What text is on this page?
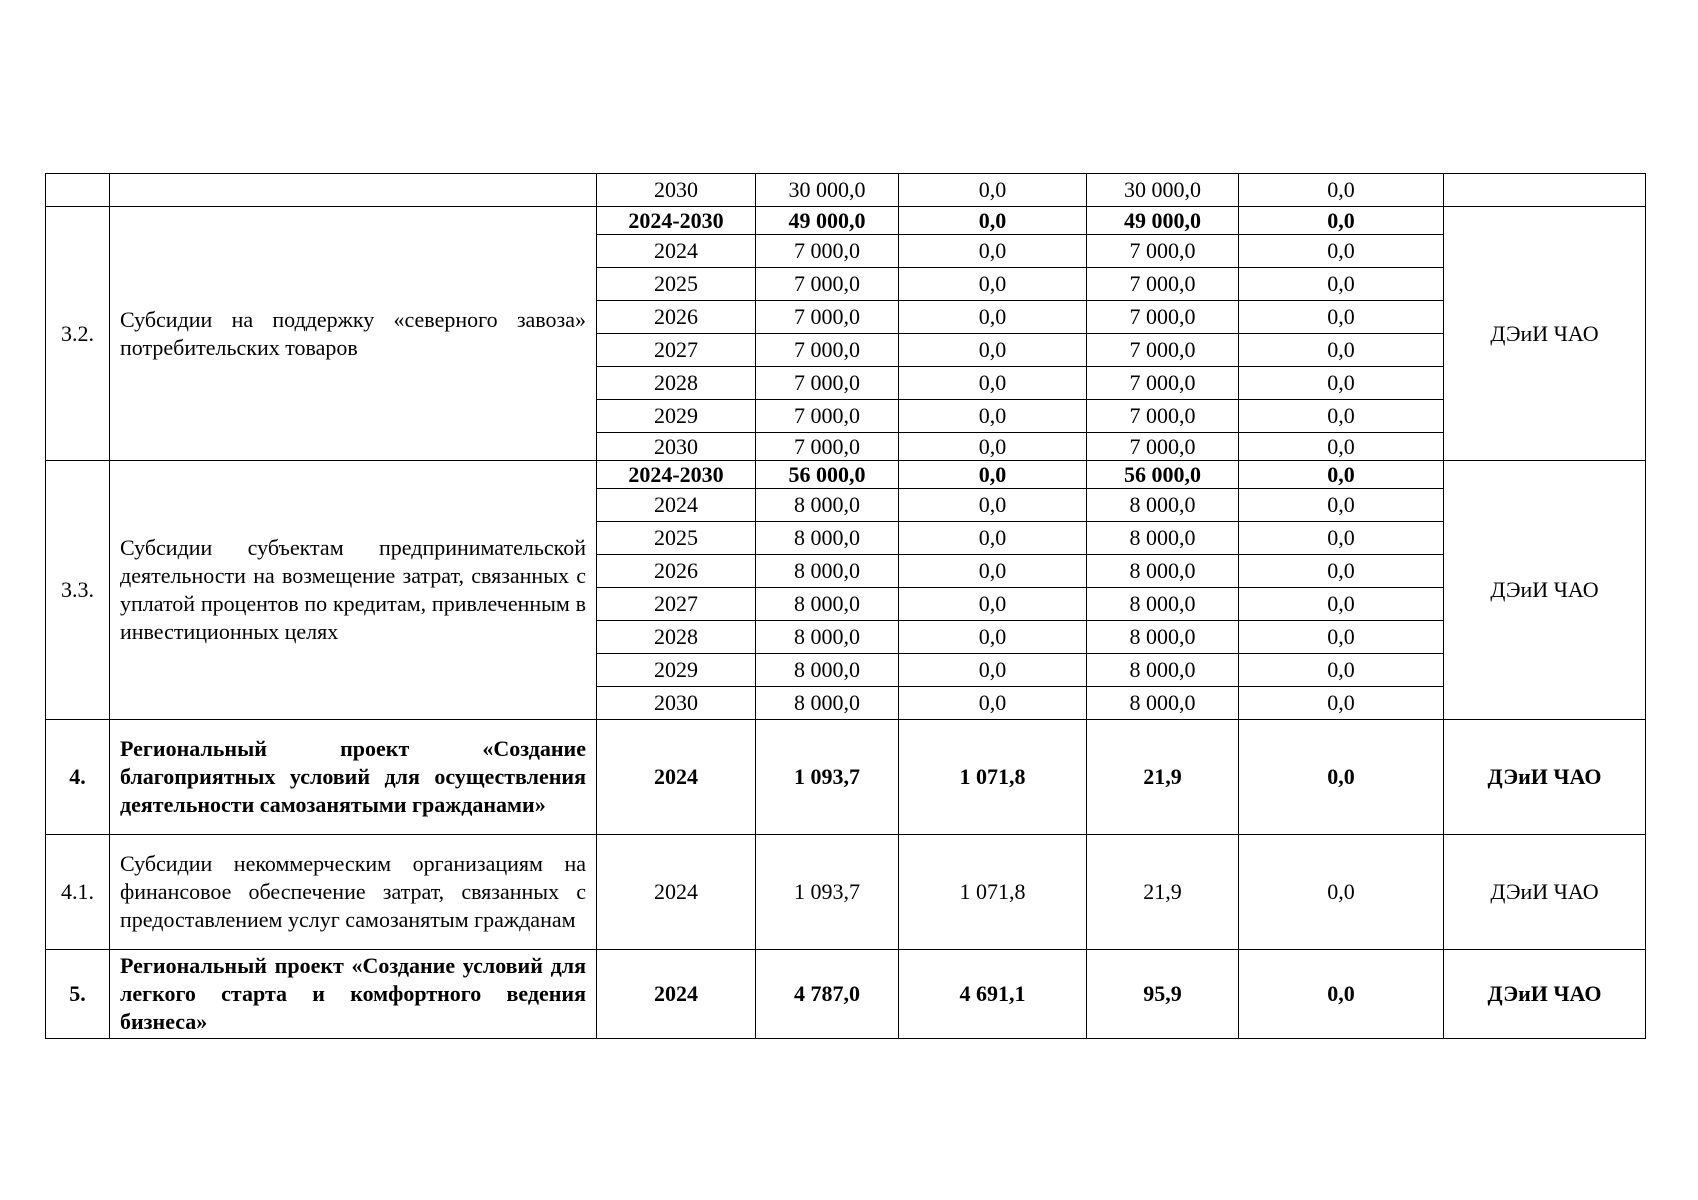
		2030	30 000,0	0,0	30 000,0	0,0	
3.2.	Субсидии на поддержку «северного завоза» потребительских товаров	2024-2030	49 000,0	0,0	49 000,0	0,0	ДЭиИ ЧАО
		2024	7 000,0	0,0	7 000,0	0,0	
		2025	7 000,0	0,0	7 000,0	0,0	
		2026	7 000,0	0,0	7 000,0	0,0	
		2027	7 000,0	0,0	7 000,0	0,0	
		2028	7 000,0	0,0	7 000,0	0,0	
		2029	7 000,0	0,0	7 000,0	0,0	
		2030	7 000,0	0,0	7 000,0	0,0	
3.3.	Субсидии субъектам предпринимательской деятельности на возмещение затрат, связанных с уплатой процентов по кредитам, привлеченным в инвестиционных целях	2024-2030	56 000,0	0,0	56 000,0	0,0	ДЭиИ ЧАО
		2024	8 000,0	0,0	8 000,0	0,0	
		2025	8 000,0	0,0	8 000,0	0,0	
		2026	8 000,0	0,0	8 000,0	0,0	
		2027	8 000,0	0,0	8 000,0	0,0	
		2028	8 000,0	0,0	8 000,0	0,0	
		2029	8 000,0	0,0	8 000,0	0,0	
		2030	8 000,0	0,0	8 000,0	0,0	
4.	Региональный проект «Создание благоприятных условий для осуществления деятельности самозанятыми гражданами»	2024	1 093,7	1 071,8	21,9	0,0	ДЭиИ ЧАО
4.1.	Субсидии некоммерческим организациям на финансовое обеспечение затрат, связанных с предоставлением услуг самозанятым гражданам	2024	1 093,7	1 071,8	21,9	0,0	ДЭиИ ЧАО
5.	Региональный проект «Создание условий для легкого старта и комфортного ведения бизнеса»	2024	4 787,0	4 691,1	95,9	0,0	ДЭиИ ЧАО
